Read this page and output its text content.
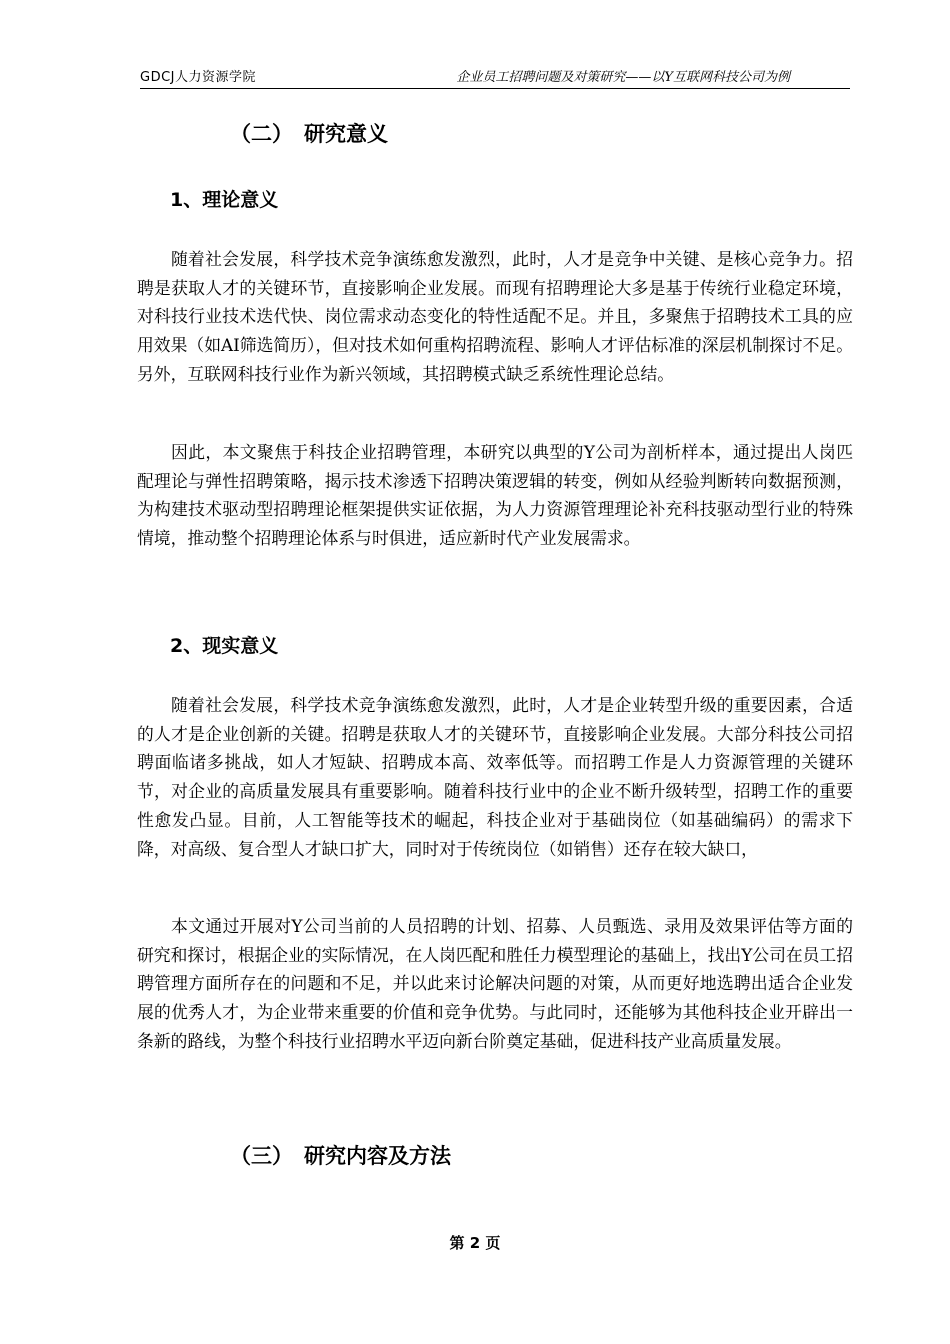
GDCJ人力资源学院	企业员工招聘问题及对策研究——以Y互联网科技公司为例
（二） 研究意义
1、理论意义

随着社会发展，科学技术竞争演练愈发激烈，此时，人才是竞争中关键、是核心竞争力。招聘是获取人才的关键环节，直接影响企业发展。而现有招聘理论大多是基于传统行业稳定环境，对科技行业技术迭代快、岗位需求动态变化的特性适配不足。并且，多聚焦于招聘技术工具的应用效果（如AI筛选简历），但对技术如何重构招聘流程、影响人才评估标准的深层机制探讨不足。另外，互联网科技行业作为新兴领域，其招聘模式缺乏系统性理论总结。

因此，本文聚焦于科技企业招聘管理，本研究以典型的Y公司为剖析样本，通过提出人岗匹配理论与弹性招聘策略，揭示技术渗透下招聘决策逻辑的转变，例如从经验判断转向数据预测，为构建技术驱动型招聘理论框架提供实证依据，为人力资源管理理论补充科技驱动型行业的特殊情境，推动整个招聘理论体系与时俱进，适应新时代产业发展需求。

2、现实意义

随着社会发展，科学技术竞争演练愈发激烈，此时，人才是企业转型升级的重要因素，合适的人才是企业创新的关键。招聘是获取人才的关键环节，直接影响企业发展。大部分科技公司招聘面临诸多挑战，如人才短缺、招聘成本高、效率低等。而招聘工作是人力资源管理的关键环节，对企业的高质量发展具有重要影响。随着科技行业中的企业不断升级转型，招聘工作的重要性愈发凸显。目前，人工智能等技术的崛起，科技企业对于基础岗位（如基础编码）的需求下降，对高级、复合型人才缺口扩大，同时对于传统岗位（如销售）还存在较大缺口，

本文通过开展对Y公司当前的人员招聘的计划、招募、人员甄选、录用及效果评估等方面的研究和探讨，根据企业的实际情况，在人岗匹配和胜任力模型理论的基础上，找出Y公司在员工招聘管理方面所存在的问题和不足，并以此来讨论解决问题的对策，从而更好地选聘出适合企业发展的优秀人才，为企业带来重要的价值和竞争优势。与此同时，还能够为其他科技企业开辟出一条新的路线，为整个科技行业招聘水平迈向新台阶奠定基础，促进科技产业高质量发展。

（三） 研究内容及方法
第 2 页
